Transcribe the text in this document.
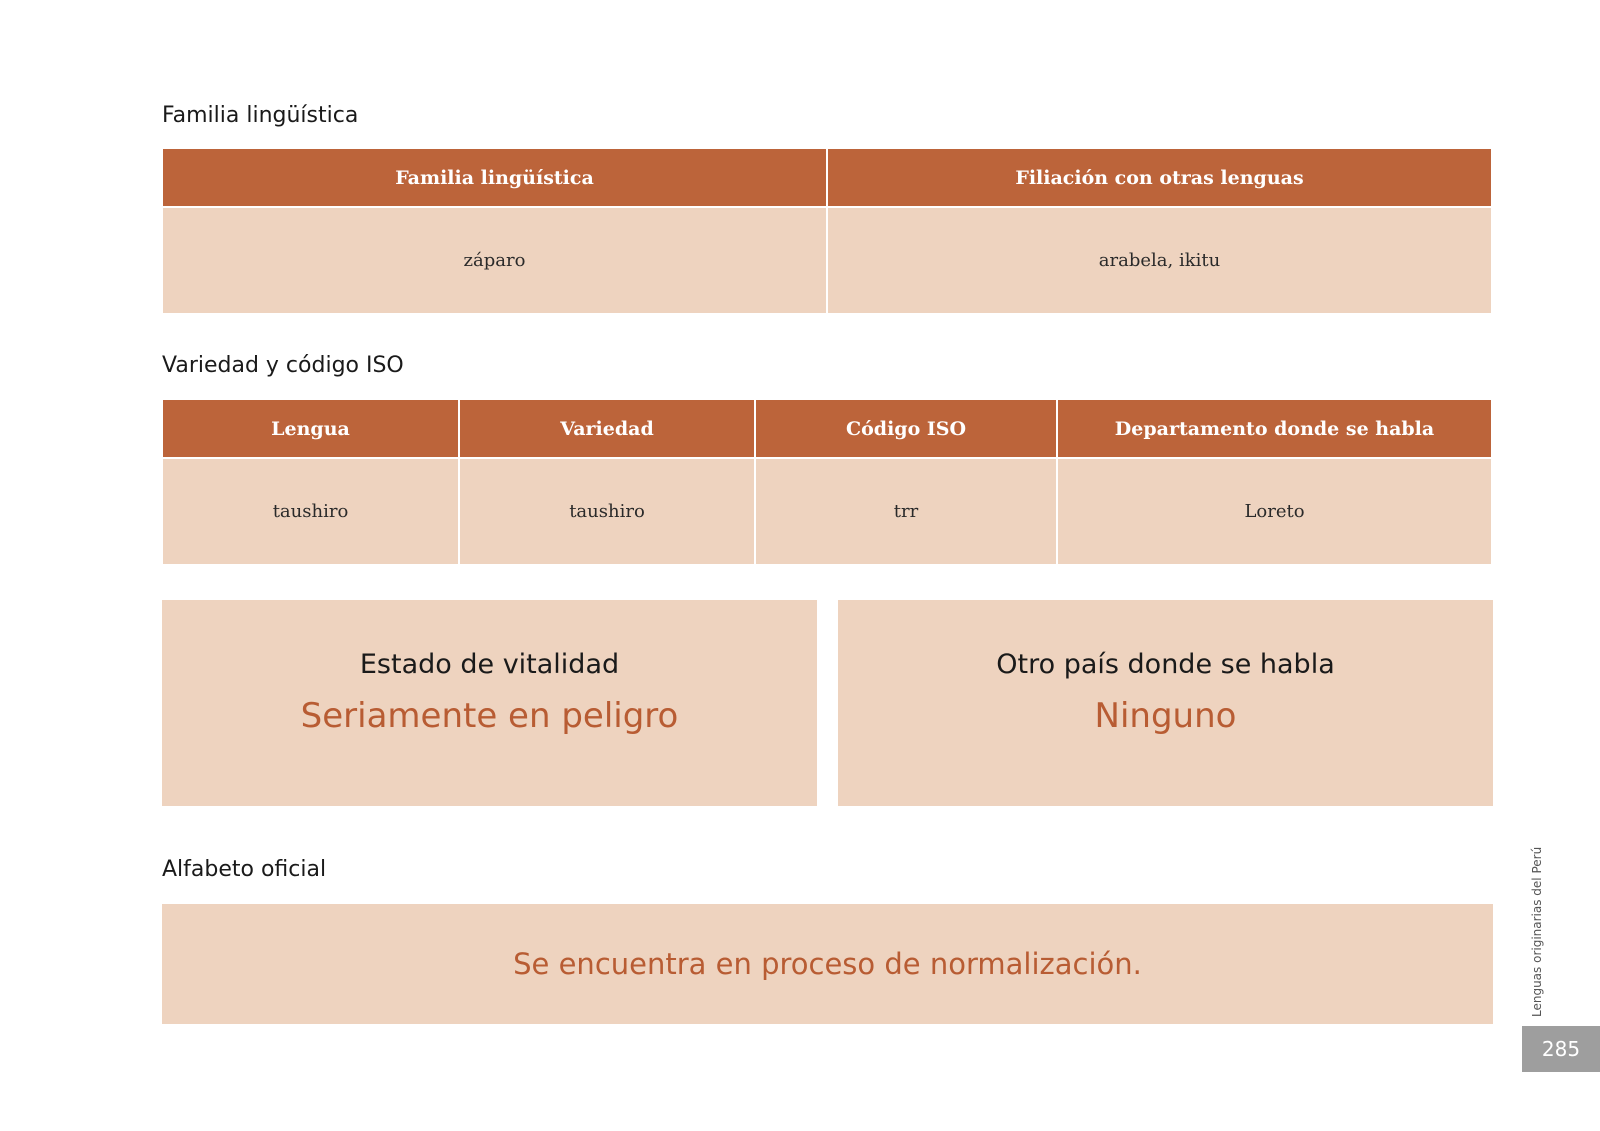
Familia lingüística
Familia lingüística	Filiación con otras lenguas
záparo	arabela, ikitu
Variedad y código ISO
Lengua	Variedad	Código ISO	Departamento donde se habla
taushiro	taushiro	trr	Loreto
Estado de vitalidad
Seriamente en peligro
Otro país donde se habla
Ninguno
Alfabeto oficial
Se encuentra en proceso de normalización.	Lenguas originarias del Perú
285
